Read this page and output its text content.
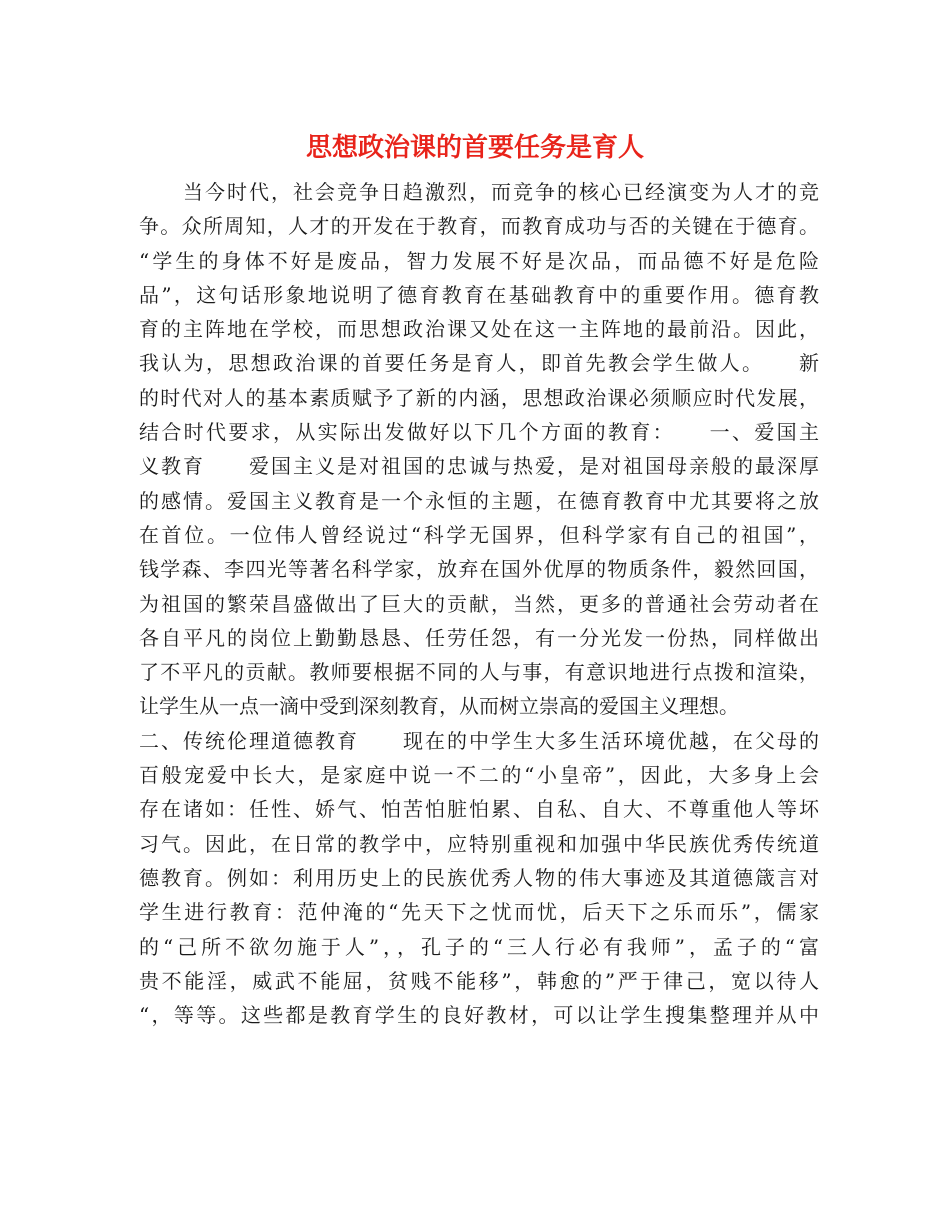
思想政治课的首要任务是育人
　　当今时代，社会竞争日趋激烈，而竞争的核心已经演变为人才的竞
争。众所周知，人才的开发在于教育，而教育成功与否的关键在于德育。
“学生的身体不好是废品，智力发展不好是次品，而品德不好是危险
品”，这句话形象地说明了德育教育在基础教育中的重要作用。德育教
育的主阵地在学校，而思想政治课又处在这一主阵地的最前沿。因此，
我认为，思想政治课的首要任务是育人，即首先教会学生做人。　　新
的时代对人的基本素质赋予了新的内涵，思想政治课必须顺应时代发展，
结合时代要求，从实际出发做好以下几个方面的教育：　　一、爱国主
义教育　　爱国主义是对祖国的忠诚与热爱，是对祖国母亲般的最深厚
的感情。爱国主义教育是一个永恒的主题，在德育教育中尤其要将之放
在首位。一位伟人曾经说过“科学无国界，但科学家有自己的祖国”，
钱学森、李四光等著名科学家，放弃在国外优厚的物质条件，毅然回国，
为祖国的繁荣昌盛做出了巨大的贡献，当然，更多的普通社会劳动者在
各自平凡的岗位上勤勤恳恳、任劳任怨，有一分光发一份热，同样做出
了不平凡的贡献。教师要根据不同的人与事，有意识地进行点拨和渲染，
让学生从一点一滴中受到深刻教育，从而树立崇高的爱国主义理想。
二、传统伦理道德教育　　现在的中学生大多生活环境优越，在父母的
百般宠爱中长大，是家庭中说一不二的“小皇帝”，因此，大多身上会
存在诸如：任性、娇气、怕苦怕脏怕累、自私、自大、不尊重他人等坏
习气。因此，在日常的教学中，应特别重视和加强中华民族优秀传统道
德教育。例如：利用历史上的民族优秀人物的伟大事迹及其道德箴言对
学生进行教育：范仲淹的“先天下之忧而忧，后天下之乐而乐”，儒家
的“己所不欲勿施于人”，，孔子的“三人行必有我师”，孟子的“富
贵不能淫，威武不能屈，贫贱不能移”，韩愈的”严于律己，宽以待人
“，等等。这些都是教育学生的良好教材，可以让学生搜集整理并从中
